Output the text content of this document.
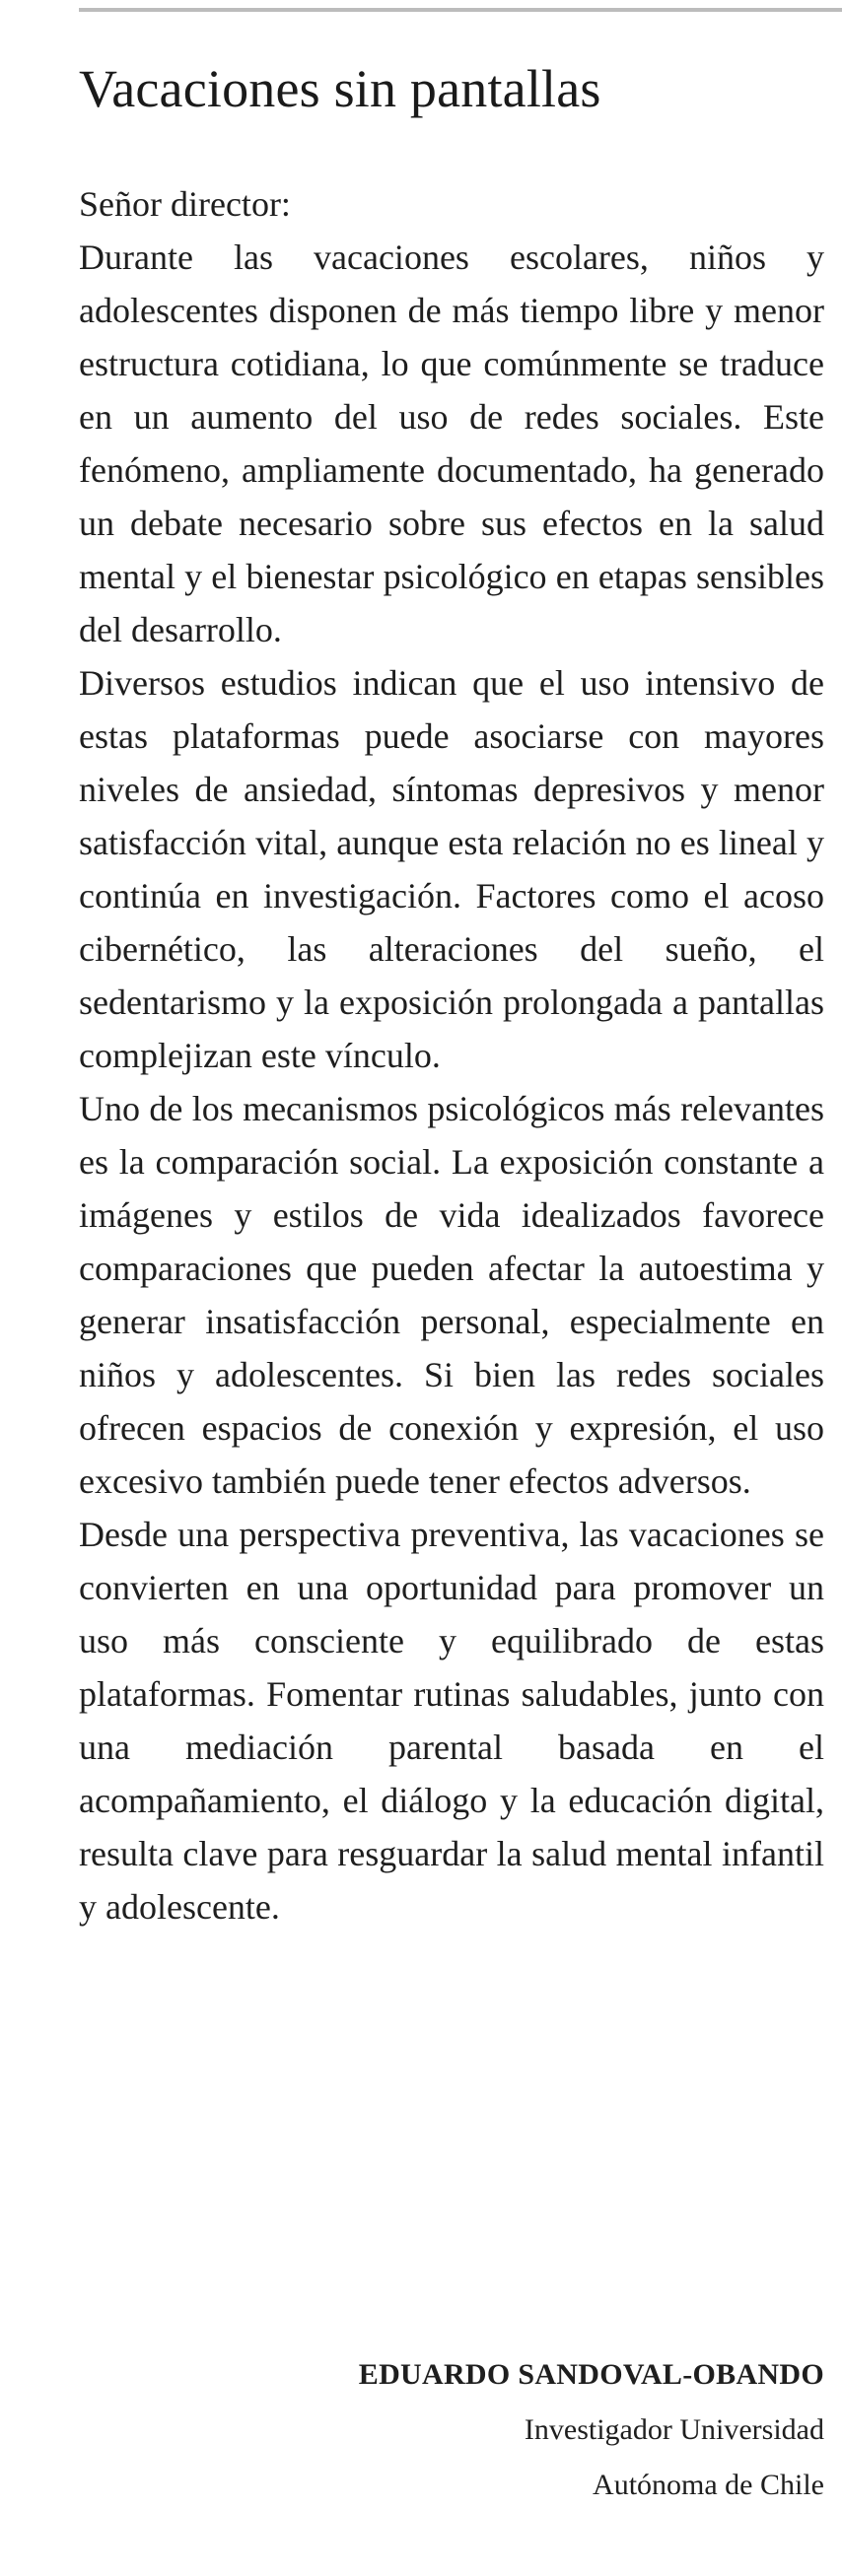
Vacaciones sin pantallas

Señor director:

Durante las vacaciones escolares, niños y adolescentes disponen de más tiempo libre y menor estructura cotidiana, lo que comúnmente se traduce en un aumento del uso de redes sociales. Este fenómeno, ampliamente documentado, ha generado un debate necesario sobre sus efectos en la salud mental y el bienestar psicológico en etapas sensibles del desarrollo.

Diversos estudios indican que el uso intensivo de estas plataformas puede asociarse con mayores niveles de ansiedad, síntomas depresivos y menor satisfacción vital, aunque esta relación no es lineal y continúa en investigación. Factores como el acoso cibernético, las alteraciones del sueño, el sedentarismo y la exposición prolongada a pantallas complejizan este vínculo.

Uno de los mecanismos psicológicos más relevantes es la comparación social. La exposición constante a imágenes y estilos de vida idealizados favorece comparaciones que pueden afectar la autoestima y generar insatisfacción personal, especialmente en niños y adolescentes. Si bien las redes sociales ofrecen espacios de conexión y expresión, el uso excesivo también puede tener efectos adversos.

Desde una perspectiva preventiva, las vacaciones se convierten en una oportunidad para promover un uso más consciente y equilibrado de estas plataformas. Fomentar rutinas saludables, junto con una mediación parental basada en el acompañamiento, el diálogo y la educación digital, resulta clave para resguardar la salud mental infantil y adolescente.

EDUARDO SANDOVAL-OBANDO

Investigador Universidad

Autónoma de Chile
